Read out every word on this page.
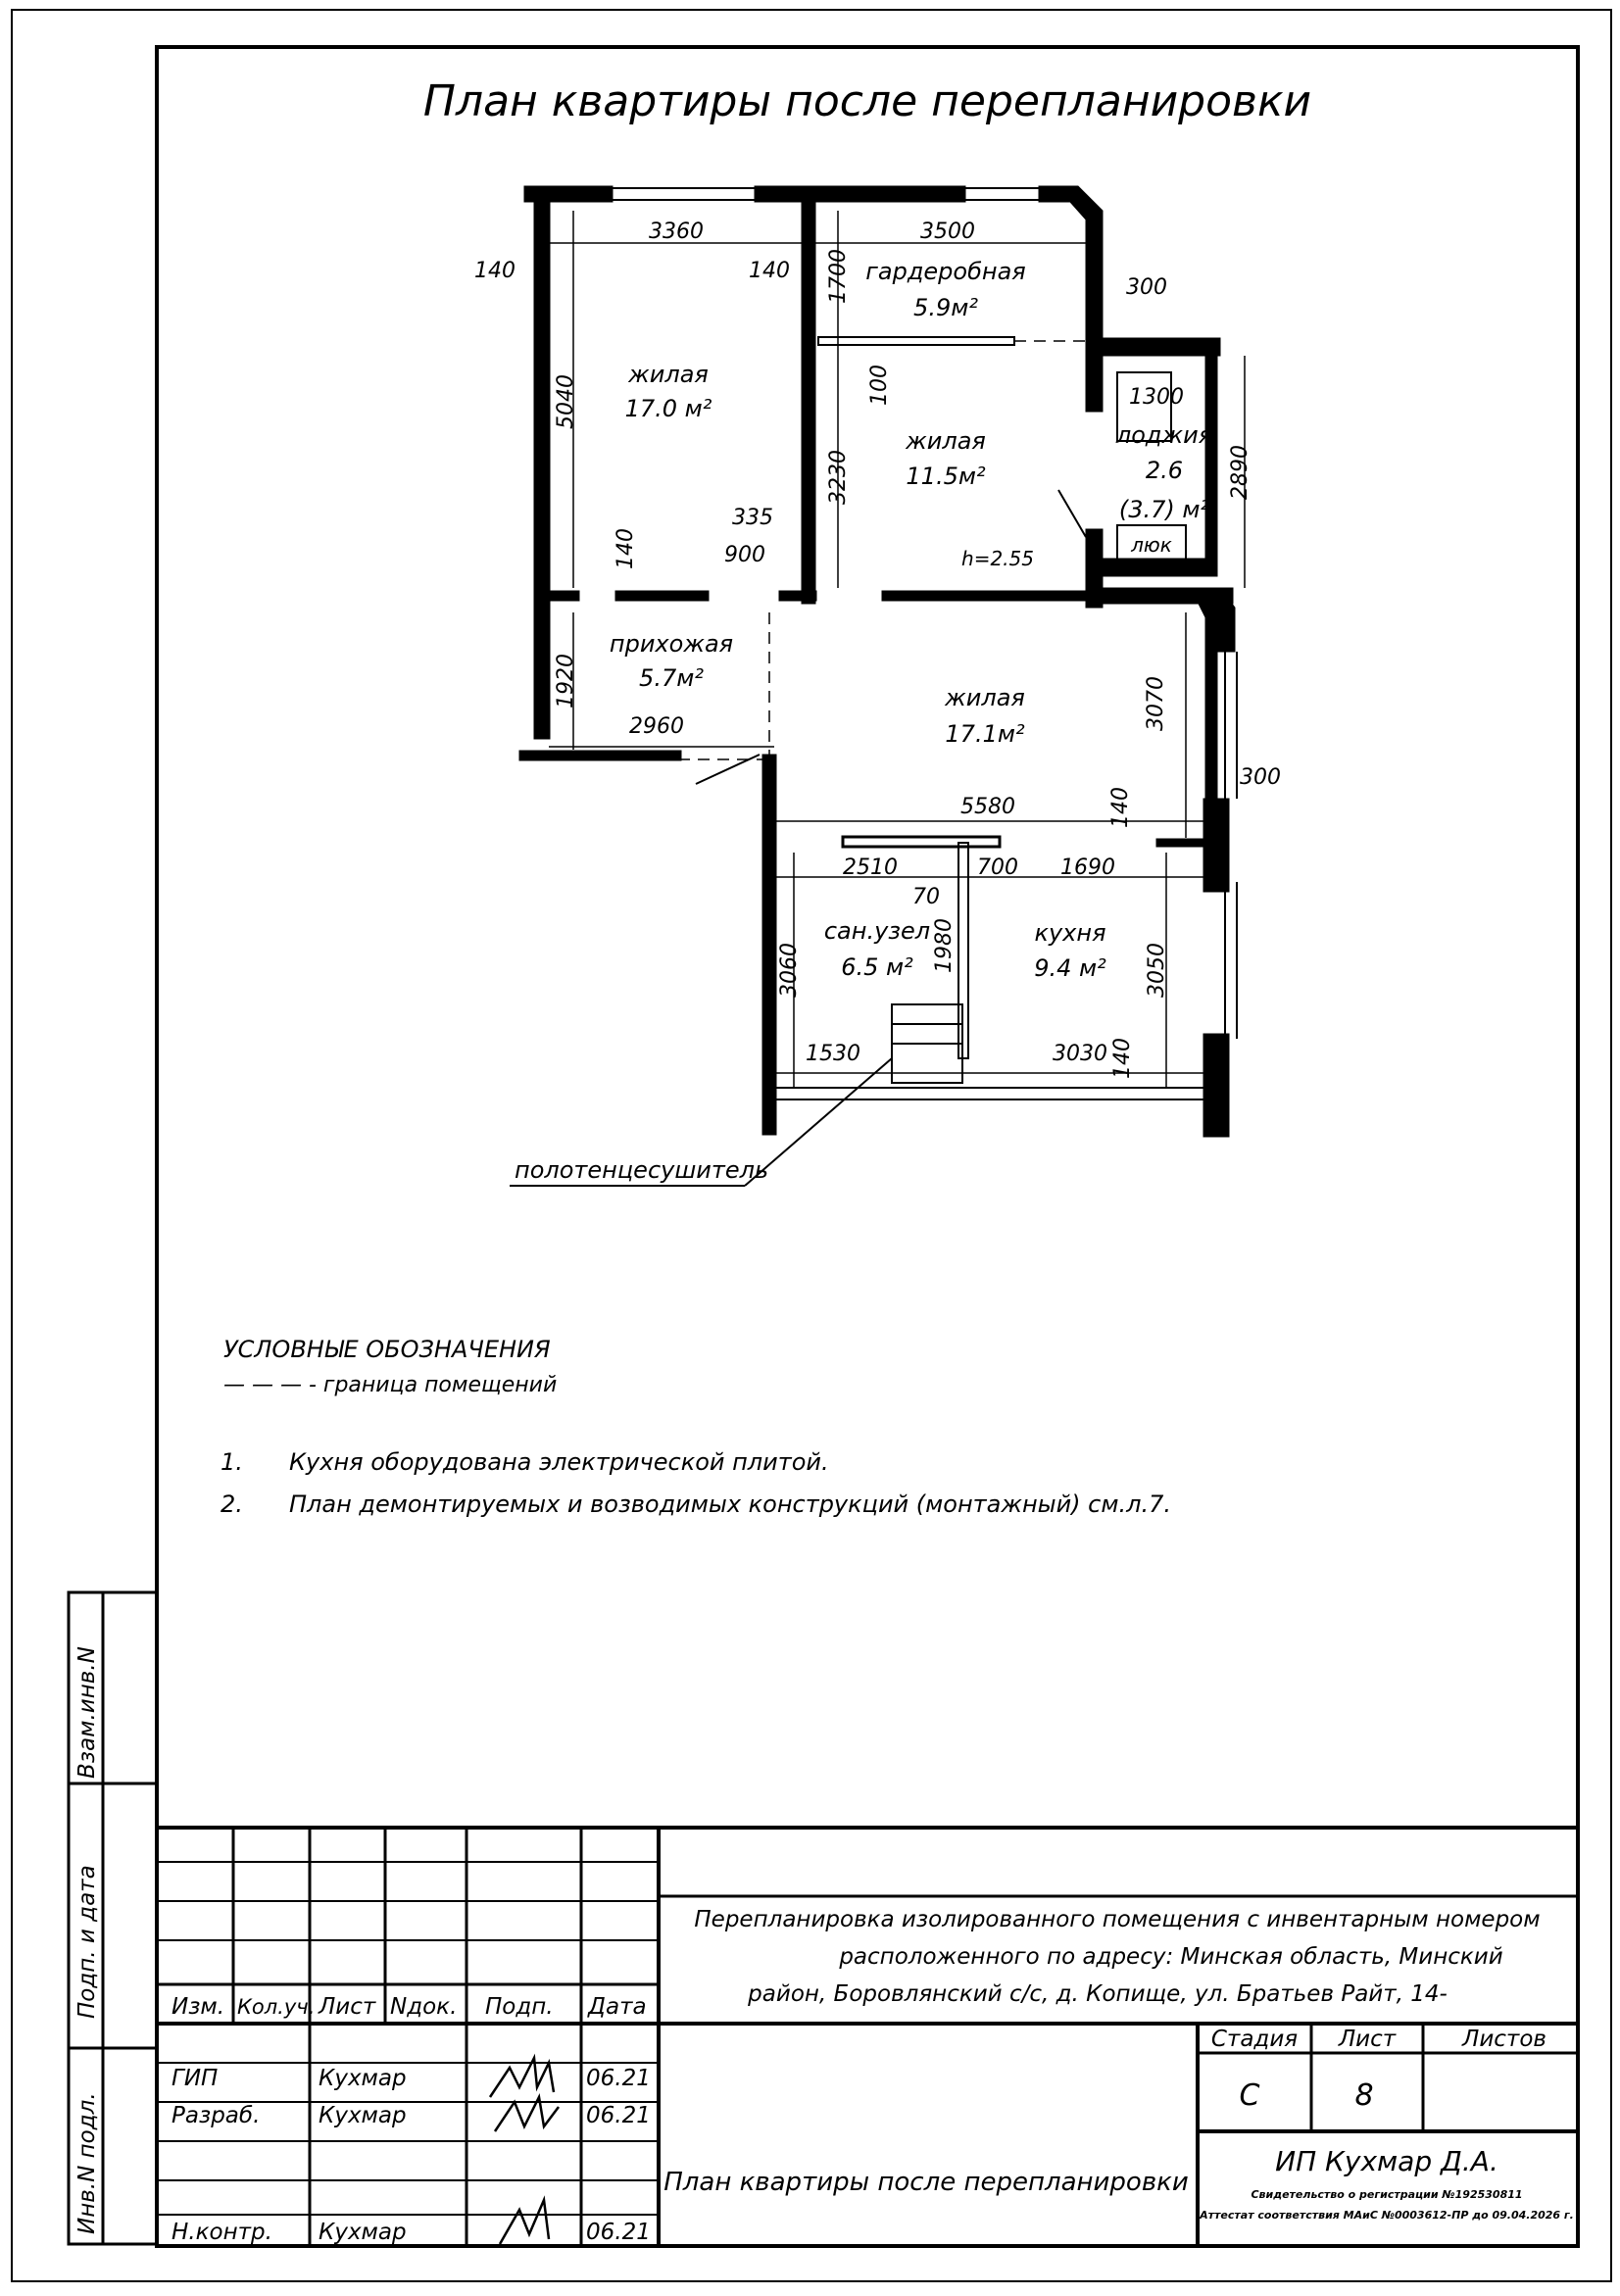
План квартиры после перепланировки
жилая
17.0 м²
гардеробная
5.9м²
жилая
11.5м²
лоджия
2.6
(3.7) м²
люк
прихожая
5.7м²
жилая
17.1м²
сан.узел
6.5 м²
кухня
9.4 м²
h=2.55
полотенцесушитель
3360	3500
140	140
300
1700
5040	100	1300
2890
3230
335
900
140
1920
2960	3070
300
5580	140
2510	700 1690
70
1980
3060	3050
1530	3030 140
УСЛОВНЫЕ ОБОЗНАЧЕНИЯ
— — — - граница помещений
1. Кухня оборудована электрической плитой.
2. План демонтируемых и возводимых конструкций (монтажный) см.л.7.
Взам.инв.N
Подп. и дата
Инв.N подл.
Изм. Кол.уч. Лист Nдок. Подп. Дата
ГИП	Кухмар	06.21
Разраб.	Кухмар	06.21
Н.контр. Кухмар	06.21
Перепланировка изолированного помещения с инвентарным номером
расположенного по адресу: Минская область, Минский
район, Боровлянский с/с, д. Копище, ул. Братьев Райт, 14-
Стадия Лист	Листов
С	8
План квартиры после перепланировки
ИП Кухмар Д.А.
Свидетельство о регистрации №192530811
Аттестат соответствия МАиС №0003612-ПР до 09.04.2026 г.
